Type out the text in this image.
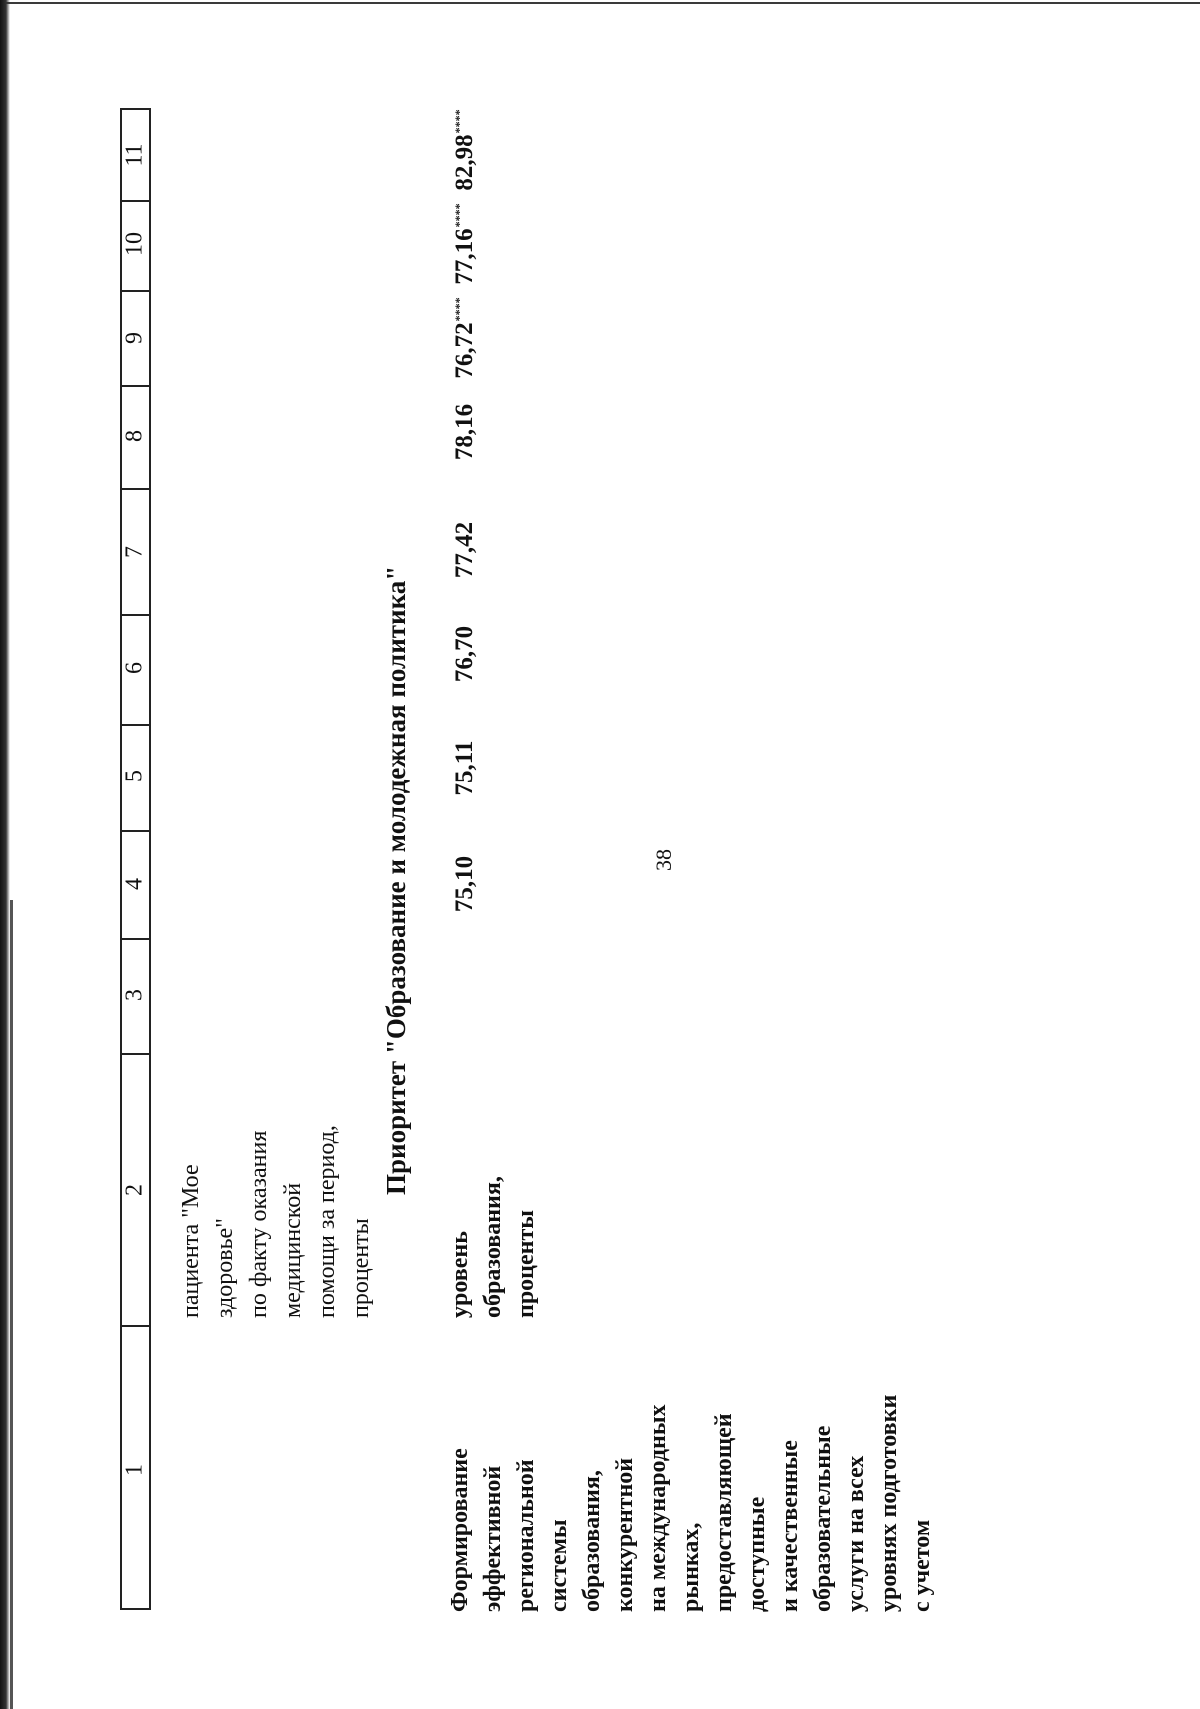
38
1
2
3
4
5
6
7
8
9
10
11
пациента "Мое здоровье" по факту оказания медицинской помощи за период, проценты
Приоритет "Образование и молодежная политика"
Формирование эффективной региональной системы образования, конкурентной на международных рынках, предоставляющей доступные и качественные образовательные услуги на всех уровнях подготовки с учетом
уровень образования, проценты
75,10
75,11
76,70
77,42
78,16
76,72****
77,16****
82,98****
